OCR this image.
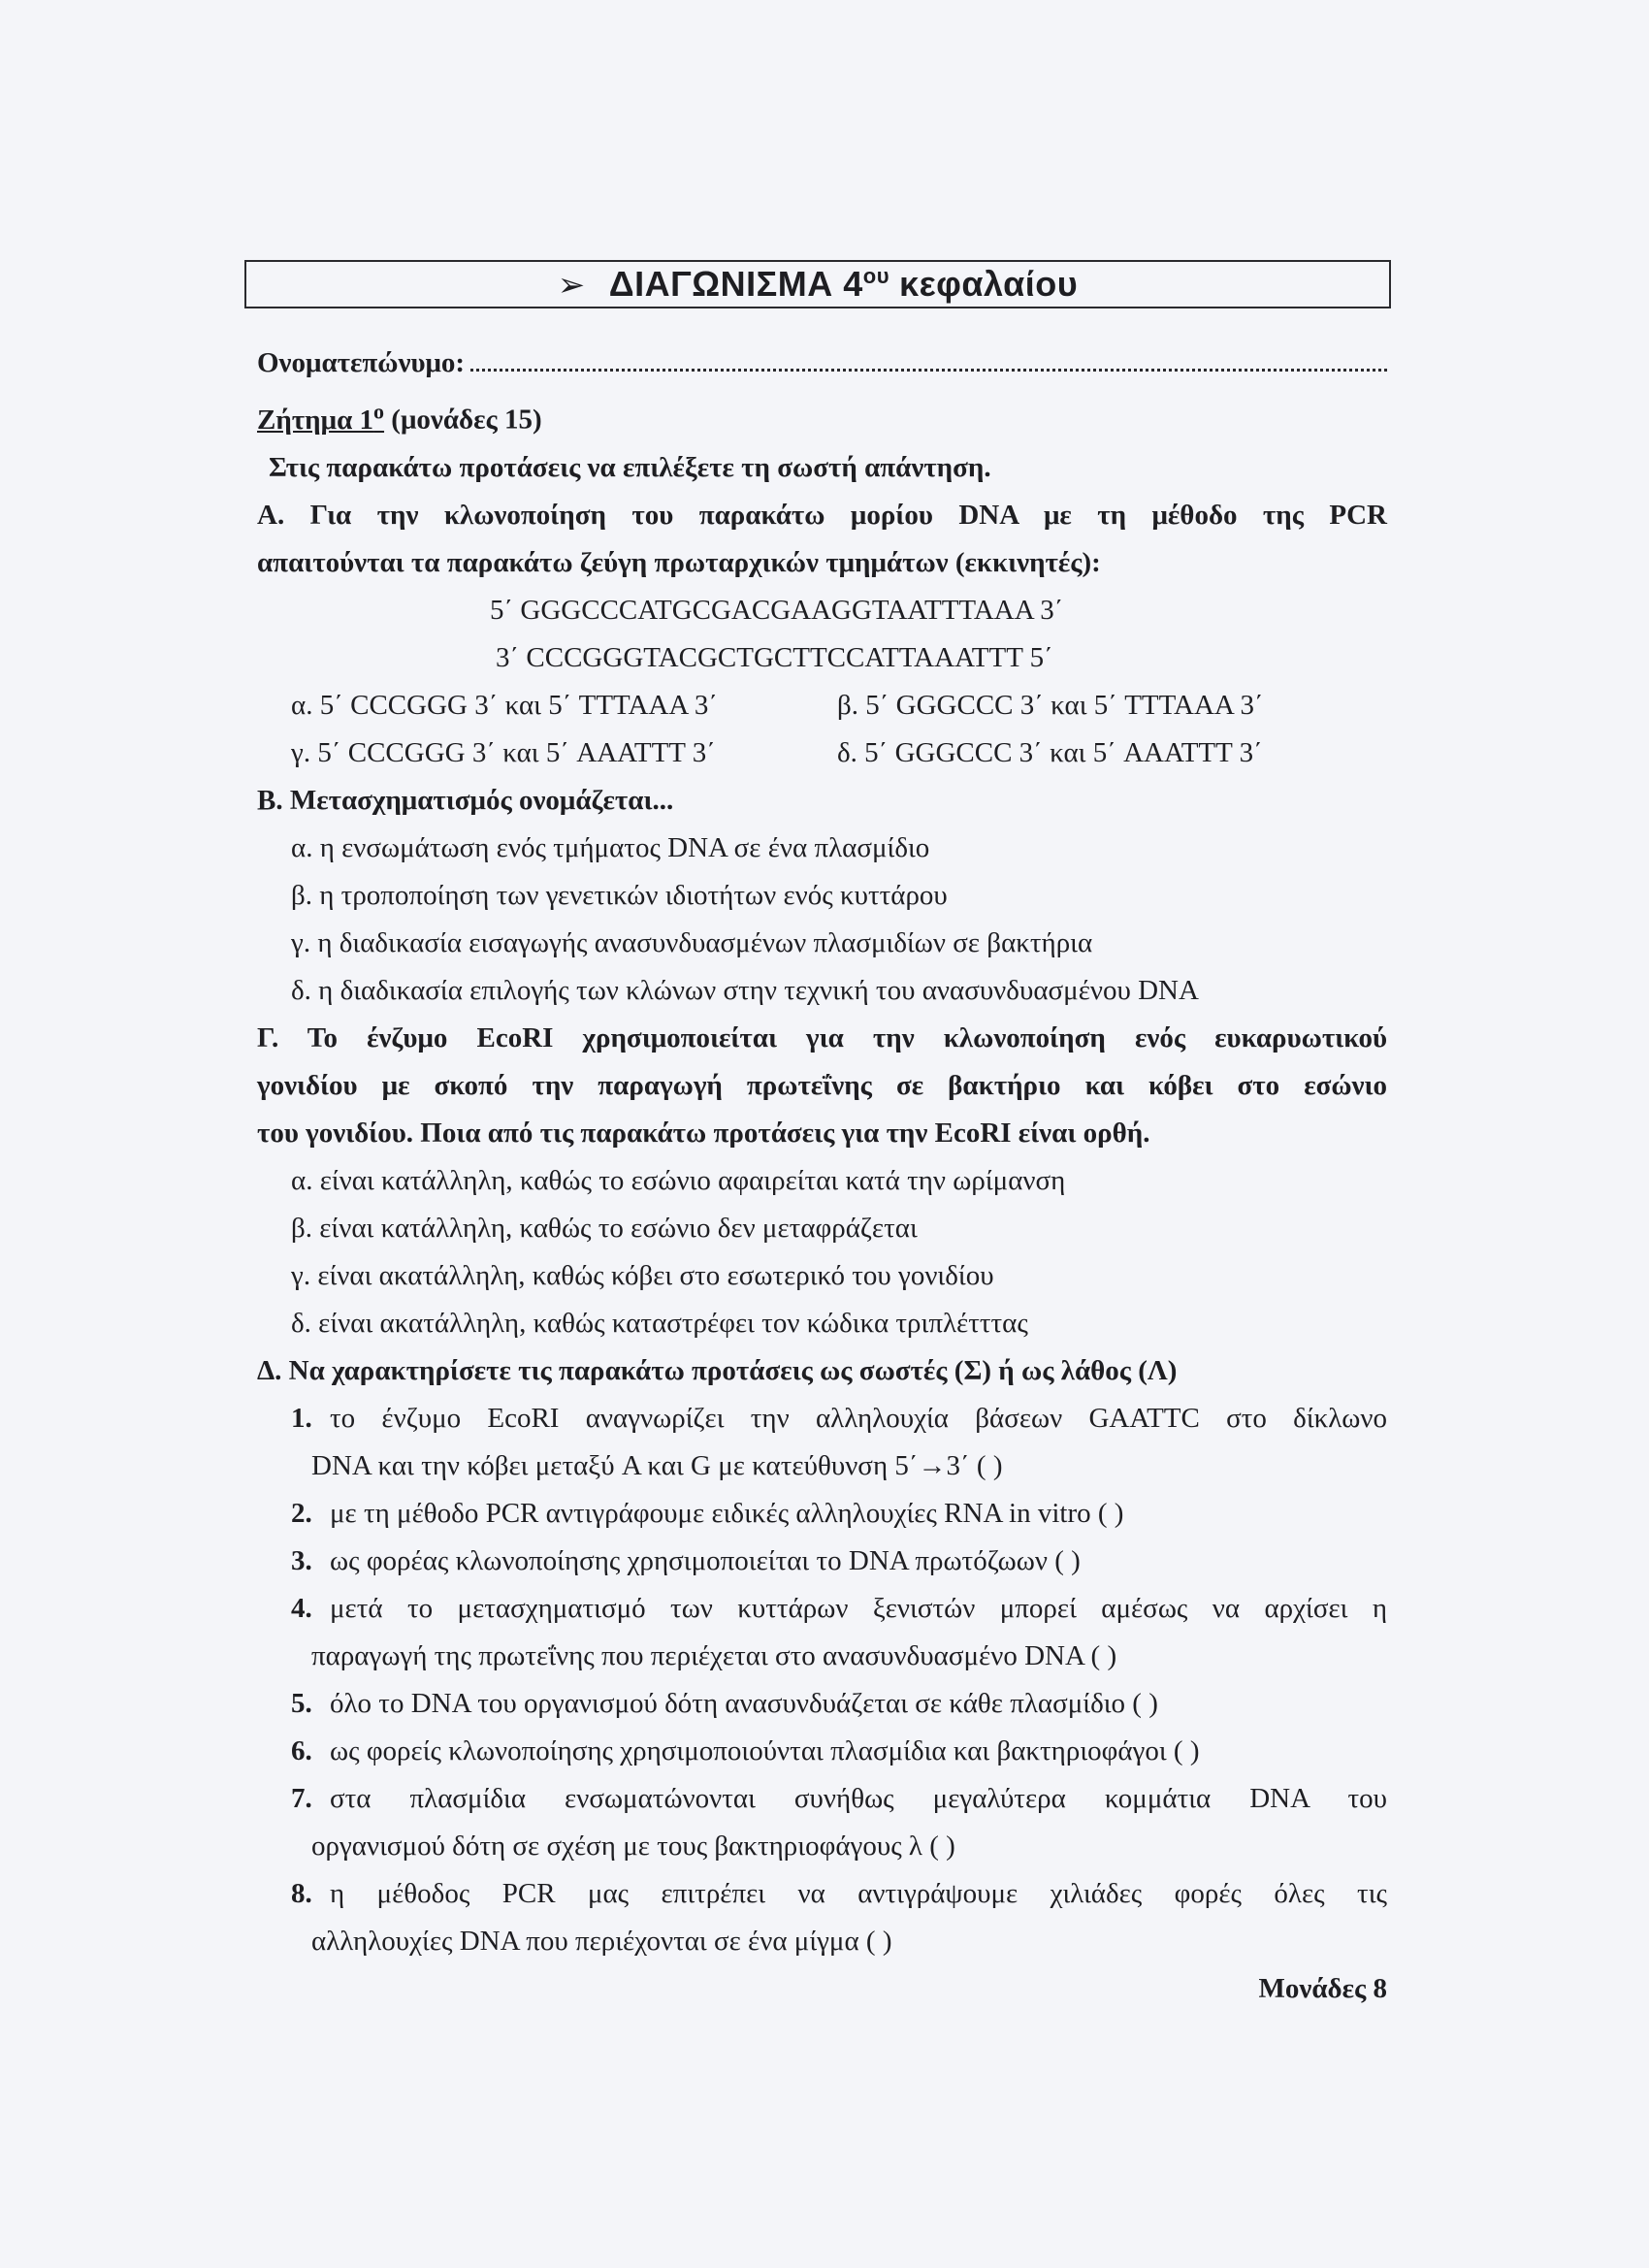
➢ ΔΙΑΓΩΝΙΣΜΑ $4^{o\upsilon}$ κεφαλαίου
Ονοματεπώνυμο:
Ζήτημα $1^o$ (μονάδες 15)
Στις παρακάτω προτάσεις να επιλέξετε τη σωστή απάντηση.
Α. Για την κλωνοποίηση του παρακάτω μορίου DNA με τη μέθοδο της PCR
απαιτούνται τα παρακάτω ζεύγη πρωταρχικών τμημάτων (εκκινητές):
5΄ GGGCCCATGCGACGAAGGTAATTTAAA 3΄
3΄ CCCGGGTACGCTGCTTCCATTAAATTT 5΄
α. 5΄ CCCGGG 3΄ και 5΄ TTTAAA 3΄	β. 5΄ GGGCCC 3΄ και 5΄ TTTAAA 3΄
γ. 5΄ CCCGGG 3΄ και 5΄ AAATTT 3΄	δ. 5΄ GGGCCC 3΄ και 5΄ AAATTT 3΄
Β. Μετασχηματισμός ονομάζεται...
α. η ενσωμάτωση ενός τμήματος DNA σε ένα πλασμίδιο
β. η τροποποίηση των γενετικών ιδιοτήτων ενός κυττάρου
γ. η διαδικασία εισαγωγής ανασυνδυασμένων πλασμιδίων σε βακτήρια
δ. η διαδικασία επιλογής των κλώνων στην τεχνική του ανασυνδυασμένου DNA
Γ. Το ένζυμο EcoRI χρησιμοποιείται για την κλωνοποίηση ενός ευκαρυωτικού
γονιδίου με σκοπό την παραγωγή πρωτεΐνης σε βακτήριο και κόβει στο εσώνιο
του γονιδίου. Ποια από τις παρακάτω προτάσεις για την EcoRI είναι ορθή.
α. είναι κατάλληλη, καθώς το εσώνιο αφαιρείται κατά την ωρίμανση
β. είναι κατάλληλη, καθώς το εσώνιο δεν μεταφράζεται
γ. είναι ακατάλληλη, καθώς κόβει στο εσωτερικό του γονιδίου
δ. είναι ακατάλληλη, καθώς καταστρέφει τον κώδικα τριπλέτττας
Δ. Να χαρακτηρίσετε τις παρακάτω προτάσεις ως σωστές (Σ) ή ως λάθος (Λ)
1. το ένζυμο EcoRI αναγνωρίζει την αλληλουχία βάσεων GAATTC στο δίκλωνο
DNA και την κόβει μεταξύ A και G με κατεύθυνση 5΄→3΄ ( )
2. με τη μέθοδο PCR αντιγράφουμε ειδικές αλληλουχίες RNA in vitro ( )
3. ως φορέας κλωνοποίησης χρησιμοποιείται το DNA πρωτόζωων ( )
4. μετά το μετασχηματισμό των κυττάρων ξενιστών μπορεί αμέσως να αρχίσει η
παραγωγή της πρωτεΐνης που περιέχεται στο ανασυνδυασμένο DNA ( )
5. όλο το DNA του οργανισμού δότη ανασυνδυάζεται σε κάθε πλασμίδιο ( )
6. ως φορείς κλωνοποίησης χρησιμοποιούνται πλασμίδια και βακτηριοφάγοι ( )
7. στα πλασμίδια ενσωματώνονται συνήθως μεγαλύτερα κομμάτια DNA του
οργανισμού δότη σε σχέση με τους βακτηριοφάγους λ ( )
8. η μέθοδος PCR μας επιτρέπει να αντιγράψουμε χιλιάδες φορές όλες τις
αλληλουχίες DNA που περιέχονται σε ένα μίγμα ( )
Μονάδες 8
